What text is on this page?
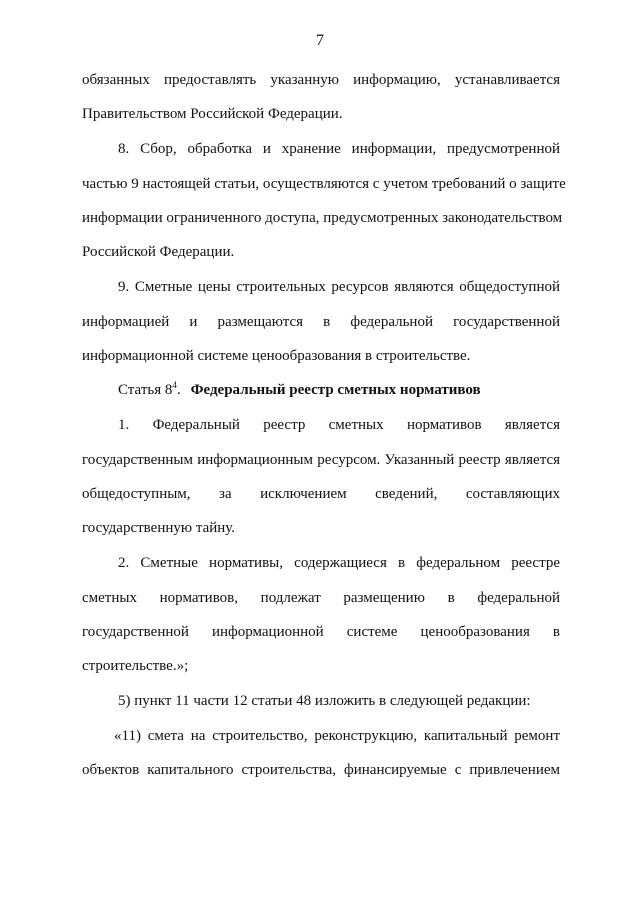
7
обязанных предоставлять указанную информацию, устанавливается
Правительством Российской Федерации.
8. Сбор, обработка и хранение информации, предусмотренной
частью 9 настоящей статьи, осуществляются с учетом требований о защите
информации ограниченного доступа, предусмотренных законодательством
Российской Федерации.
9. Сметные цены строительных ресурсов являются общедоступной
информацией и размещаются в федеральной государственной
информационной системе ценообразования в строительстве.
Статья $8^4$. Федеральный реестр сметных нормативов
1. Федеральный реестр сметных нормативов является
государственным информационным ресурсом. Указанный реестр является
общедоступным, за исключением сведений, составляющих
государственную тайну.
2. Сметные нормативы, содержащиеся в федеральном реестре
сметных нормативов, подлежат размещению в федеральной
государственной информационной системе ценообразования в
строительстве.»;
5) пункт 11 части 12 статьи 48 изложить в следующей редакции:
«11) смета на строительство, реконструкцию, капитальный ремонт
объектов капитального строительства, финансируемые с привлечением
